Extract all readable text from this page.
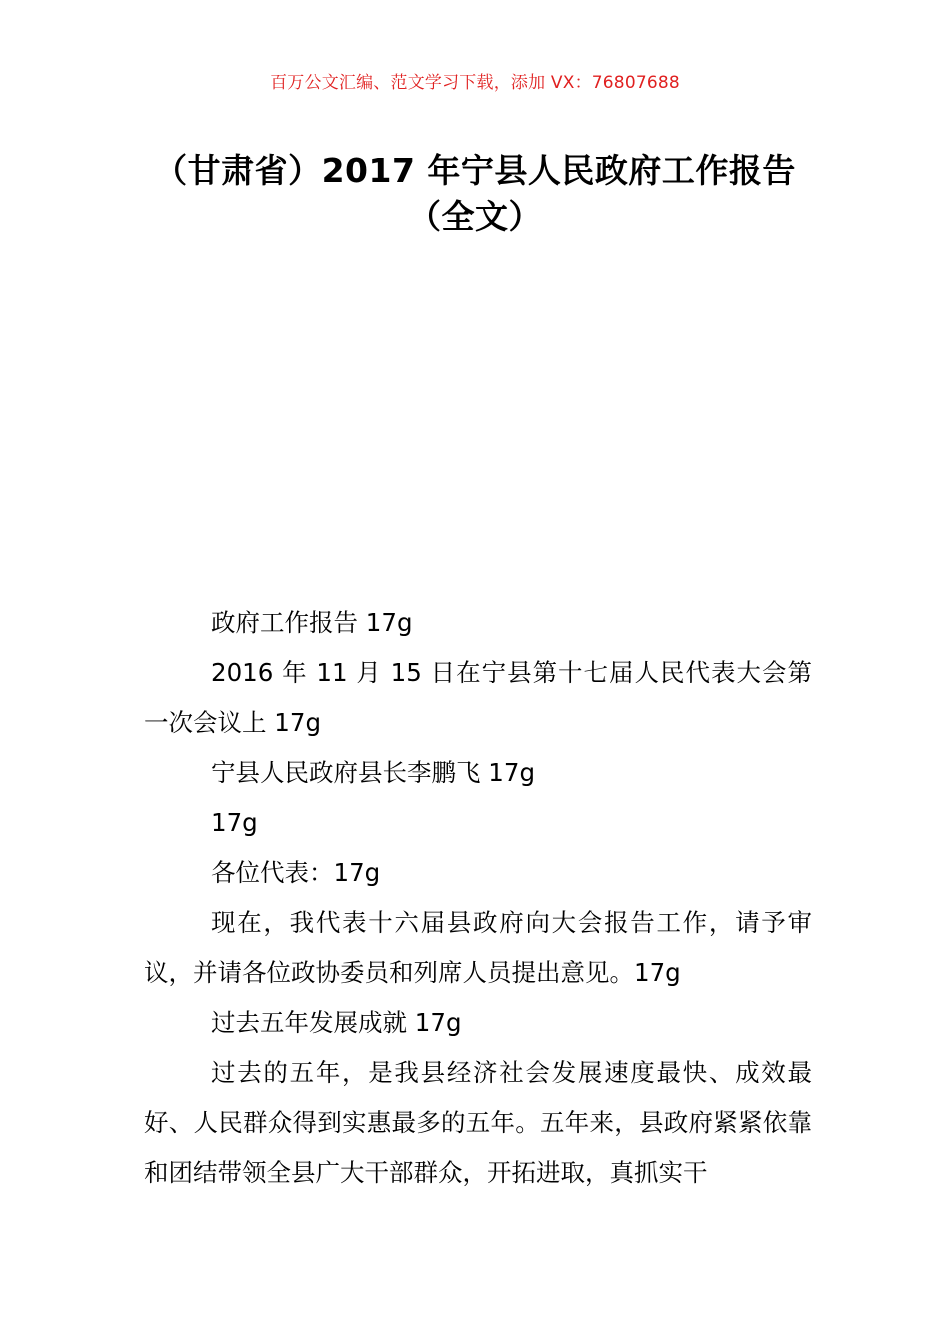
百万公文汇编、范文学习下载，添加 VX：76807688
（甘肃省）2017 年宁县人民政府工作报告
（全文）

政府工作报告 17g

2016 年 11 月 15 日在宁县第十七届人民代表大会第一次会议上 17g

宁县人民政府县长李鹏飞 17g

17g

各位代表：17g

现在，我代表十六届县政府向大会报告工作，请予审议，并请各位政协委员和列席人员提出意见。17g

过去五年发展成就 17g

过去的五年，是我县经济社会发展速度最快、成效最好、人民群众得到实惠最多的五年。五年来，县政府紧紧依靠和团结带领全县广大干部群众，开拓进取，真抓实干
